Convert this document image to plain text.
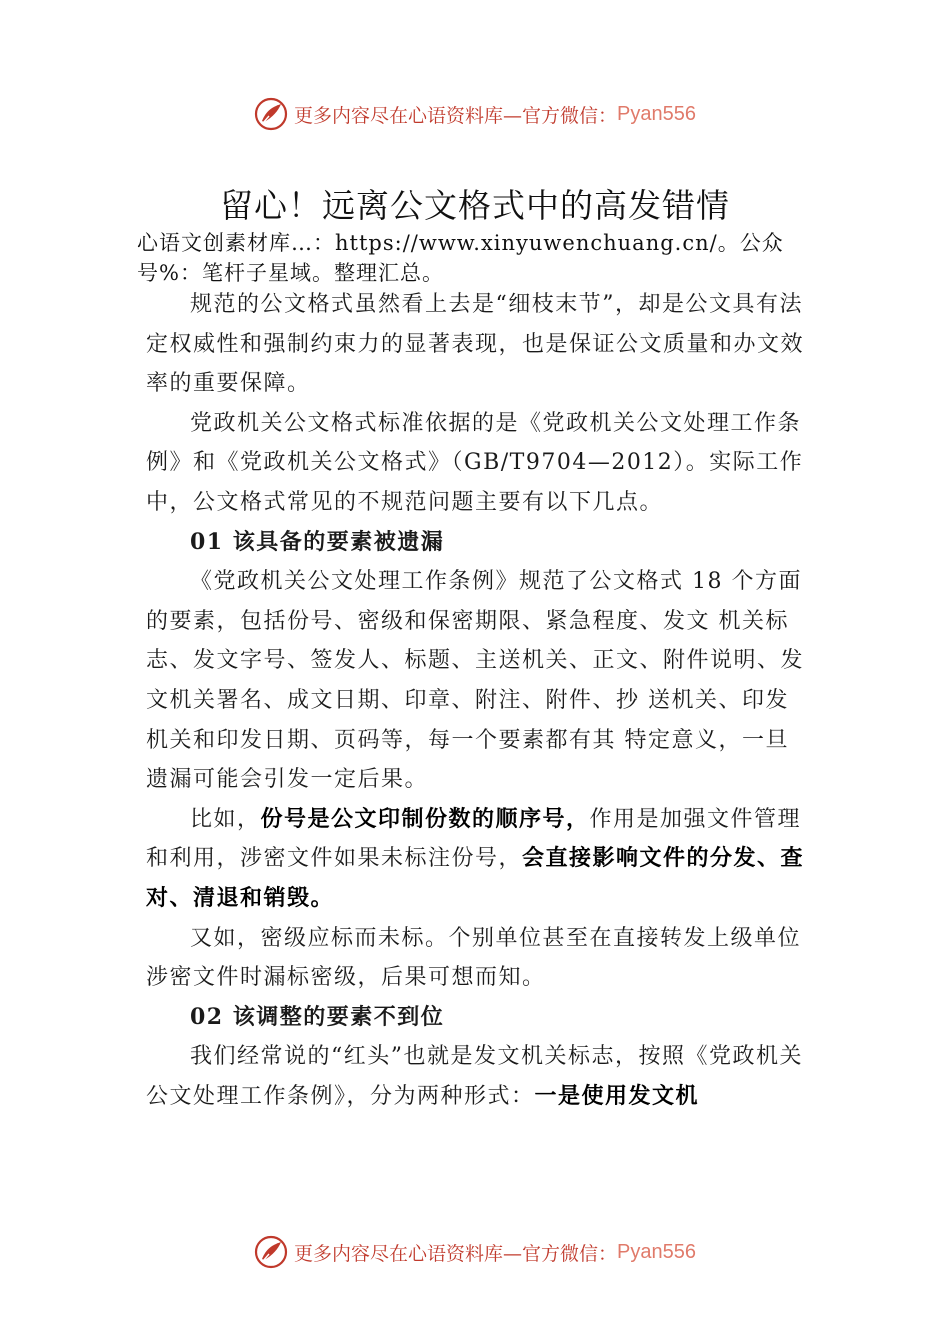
更多内容尽在心语资料库—官方微信： Pyan556
留心！远离公文格式中的高发错情
心语文创素材库…：https://www.xinyuwenchuang.cn/。公众号%：笔杆子星域。整理汇总。

规范的公文格式虽然看上去是“细枝末节”，却是公文具有法定权威性和强制约束力的显著表现，也是保证公文质量和办文效率的重要保障。

党政机关公文格式标准依据的是《党政机关公文处理工作条例》和《党政机关公文格式》（GB/T9704—2012）。实际工作中，公文格式常见的不规范问题主要有以下几点。

01 该具备的要素被遗漏

《党政机关公文处理工作条例》规范了公文格式 18 个方面的要素，包括份号、密级和保密期限、紧急程度、发文 机关标志、发文字号、签发人、标题、主送机关、正文、附件说明、发文机关署名、成文日期、印章、附注、附件、抄 送机关、印发机关和印发日期、页码等，每一个要素都有其 特定意义，一旦遗漏可能会引发一定后果。

比如，份号是公文印制份数的顺序号，作用是加强文件管理和利用，涉密文件如果未标注份号，会直接影响文件的分发、查对、清退和销毁。

又如，密级应标而未标。个别单位甚至在直接转发上级单位涉密文件时漏标密级，后果可想而知。

02 该调整的要素不到位

我们经常说的“红头”也就是发文机关标志，按照《党政机关公文处理工作条例》，分为两种形式：一是使用发文机

更多内容尽在心语资料库—官方微信： Pyan556
